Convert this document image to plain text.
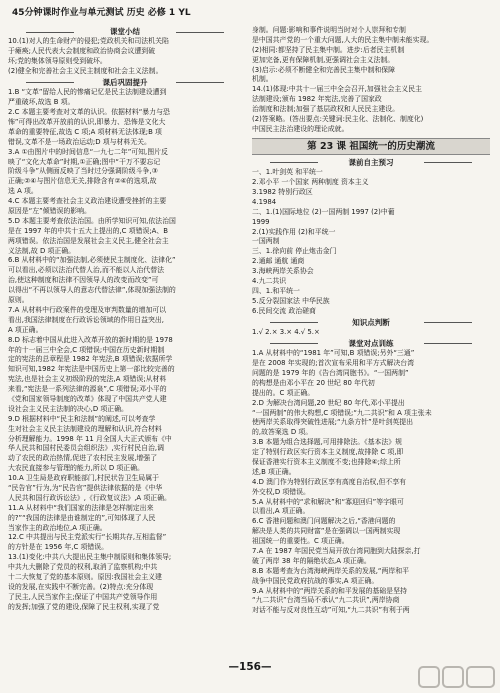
45分钟课时作业与单元测试 历史 必修 1 YL
课堂小结
10.(1)对人的生命财产的侵犯;党政机关和司法机关陷
于瘫痪;人民代表大会制度和政治协商会议遭到破
坏;党的集体领导原则受到破坏。
(2)健全和完善社会主义民主制度和社会主义法制。
课后巩固提升
1.B “文革”留给人民的惨痛记忆是民主法制建设遭到
严重破坏,故选 B 项。
2.C 本题主要考查对文革的认识。依据材料“暴力与恐
怖”可得出改革开放前的认识,即暴力、恐怖是文化大
革命的重要特征,故选 C 项;A 项材料无法体现;B 项
错误,文革不是一场政治运动;D 项与材料无关。
3.A ①由图片中的时间信息“一九七二年”可知,图片反
映了“文化大革命”时期,①正确;图中“干万不要忘记
阶级斗争”从侧面反映了当时过分强调阶级斗争,③
正确;②④与图片信息无关,排除含有②④的选项,故
选 A 项。
4.C 本题主要考查社会主义政治建设遭受挫折的主要
原因是“左”倾错误的影响。
5.D 本题主要考查依法治国。由所学知识可知,依法治国
是在 1997 年的中共十五大上提出的,C 项错误;A、B
两项错误。依法治国是发展社会主义民主,健全社会主
义法制,故 D 项正确。
6.B 从材料中的“加强法制,必须使民主制度化、法律化”
可以看出,必须以法治代替人治,而不能以人治代替法
治,使这种制度和法律不因领导人的改变而改变”可
以得出“不再以领导人的意志代替法律”,体现加强法制的
原则。
7.A 从材料中行政案件的受理及审判数量的增加可以
看出,我国法律制度在行政诉讼领域的作用日益突出,
A 项正确。
8.D 标志着中国从此进入改革开放的新时期的是 1978
年的十一届三中全会,C 项错误;中国在历史新时期制
定的宪法的总章程是 1982 年宪法,B 项错误;依据所学
知识可知,1982 年宪法是中国历史上第一部比较完善的
宪法,也是社会主义初级阶段的宪法,A 项错误;从材料
来看,“宪法是一系列法律的源泉”,C 项错误;邓小平的
《党和国家领导制度的改革》体现了中国共产党人建
设社会主义民主法制的决心,D 项正确。
9.D 根据材料中“民主和法制”的阐述,可以考查学
生对社会主义民主法制建设的理解和认识,符合材料
分析理解能力。1998 年 11 月全国人大正式颁布《中
华人民共和国村民委员会组织法》,实行村民自治,调
动了农民的政治热情,促进了农村民主发展,增强了
大农民直接参与管理的能力,所以 D 项正确。
10.A 卫生局是政府职能部门,村民状告卫生局属于
“民告官”行为,为“民告官”提供法律依据的是《中华
人民共和国行政诉讼法》,《行政复议法》,A 项正确。
11.A 从材料中“我们国家的法律是怎样制定出来
的?”“我国的法律是由谁制定的”,可知体现了人民
当家作主的政治地位,A 项正确。
12.C 中共提出与民主党派实行“长期共存,互相监督”
的方针是在 1956 年,C 项错误。
13.(1)变化:中共八大提出民主集中制原则和集体领导;
中共九大删除了党员的权利,取消了监察机构;中共
十二大恢复了党的基本原则。原因:我国社会主义建
设的发展,在实践中不断完善。(2)特点:充分体现
了民主,人民当家作主;保证了中国共产党领导作用
的发挥;加强了党的建设,保障了民主权利,实现了党
身制。问题:影响和事件说明当时对个人崇拜和专制
是中国共产党的一个重大问题,人大的民主集中制未能实现。
(2)相同:都坚持了民主集中制。进步:后者民主机制
更加完备,更有保障机制,更强调社会主义法制。
(3)启示:必须不断健全和完善民主集中制和保障
机制。
14.(1)体现:中共十一届三中全会召开,加强社会主义民主
法制建设;颁布 1982 年宪法,完善了国家政
治制度和法制;加强了基层政权和人民民主建设。
(2)答案略。(答出要点:关键词:民主化、法制化、制度化)
中国民主法治建设的理论成就。
第 23 课 祖国统一的历史潮流
课前自主预习
一、1.叶剑英 和平统一
2.邓小平 一个国家 两种制度 资本主义
3.1982 特别行政区
4.1984
二、1.(1)国际地位 (2)一国两制 1997 (2)中葡
1999
2.(1)实践作用 (2)和平统一
一国两制
三、1.徐向前 停止炮击金门
2.通邮 通航 通商
3.海峡两岸关系协会
4.九二共识
四、1.和平统一
5.反分裂国家法 中华民族
6.民间交流 政治磋商
知识点判断
1.√ 2.× 3.× 4.√ 5.×
课堂对点训练
1.A 从材料中的“1981 年”可知,B 项错误;另外“三通”
是在 2008 年实现的;首次宣布采用和平方式解决台湾
问题的是 1979 年的《告台湾同胞书》。“一国两制”
的构想是由邓小平在 20 世纪 80 年代初
提出的。C 项正确。
2.D 为解决台湾问题,20 世纪 80 年代,邓小平提出
“一国两制”的伟大构想,C 项错误;“九二共识”和 A 项主张未
使两岸关系取得突破性进展;“九条方针”是叶剑英提出
的,故答案选 D 项。
3.B 本题为组合选择题,可用排除法。《基本法》规
定了特别行政区实行资本主义制度,故排除 C 项,即
保证香港实行资本主义制度不变;也排除④;综上所
述,B 项正确。
4.D 澳门作为特别行政区享有高度自治权,但不享有
外交权,D 项错误。
5.A 从材料中的“求和解决”和“寡迎回归”等字眼可
以看出,A 项正确。
6.C 香港问题和澳门问题解决之后,“香港问题的
解决是人类的共同财富”是在强调以一国两制实现
祖国统一的重要性。C 项正确。
7.A 在 1987 年国民党当局开放台湾同胞到大陆探亲,打
破了两岸 38 年的隔绝状态,A 项正确。
8.B 本题考查为台湾海峡两岸关系的发展,“两岸和平
战争中国民党政府抗战的事实,A 项正确。
9.A 从材料中的“两岸关系的和平发展的基础是坚持
“九二共识”台湾当局不承认“九二共识”,两岸协商
对话不能与反对良性互动”可知,“九二共识”有利于两
—156—
